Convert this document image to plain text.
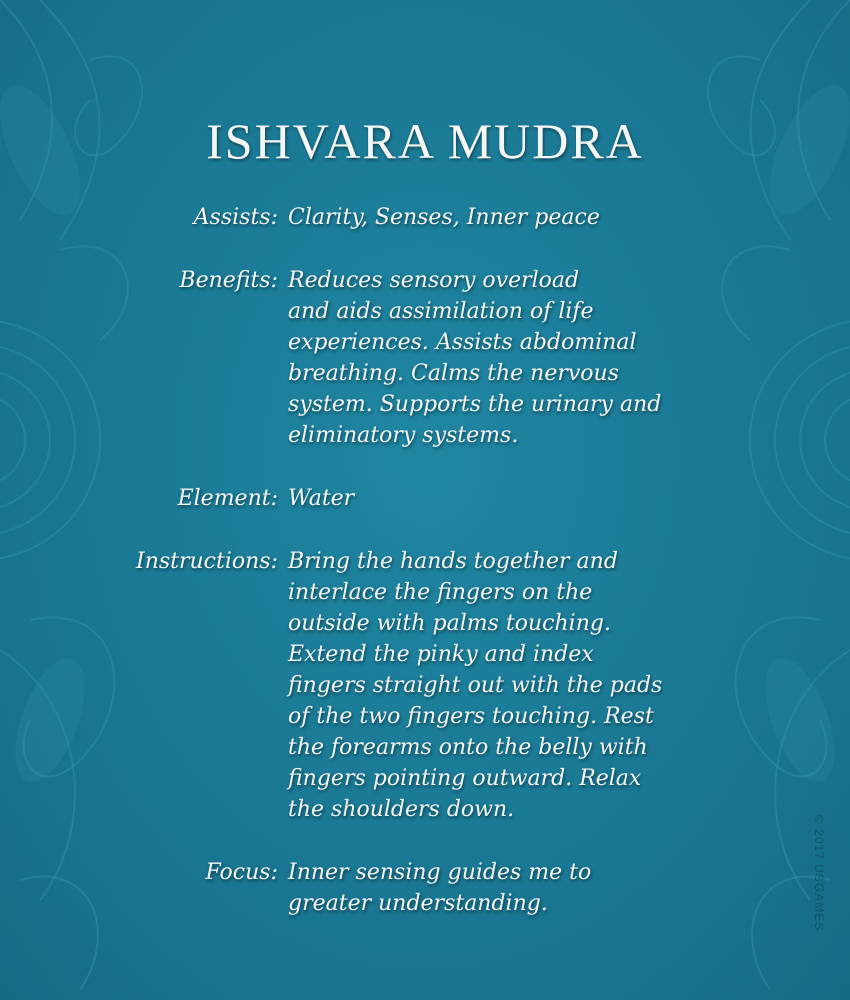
ISHVARA MUDRA
Assists: Clarity, Senses, Inner peace
Benefits: Reduces sensory overload
and aids assimilation of life
experiences. Assists abdominal
breathing. Calms the nervous
system. Supports the urinary and
eliminatory systems.
Element: Water
Instructions: Bring the hands together and
interlace the fingers on the
outside with palms touching.
Extend the pinky and index
fingers straight out with the pads
of the two fingers touching. Rest
the forearms onto the belly with
fingers pointing outward. Relax
the shoulders down.
Focus: Inner sensing guides me to
greater understanding.	© 2017 USGAMES
